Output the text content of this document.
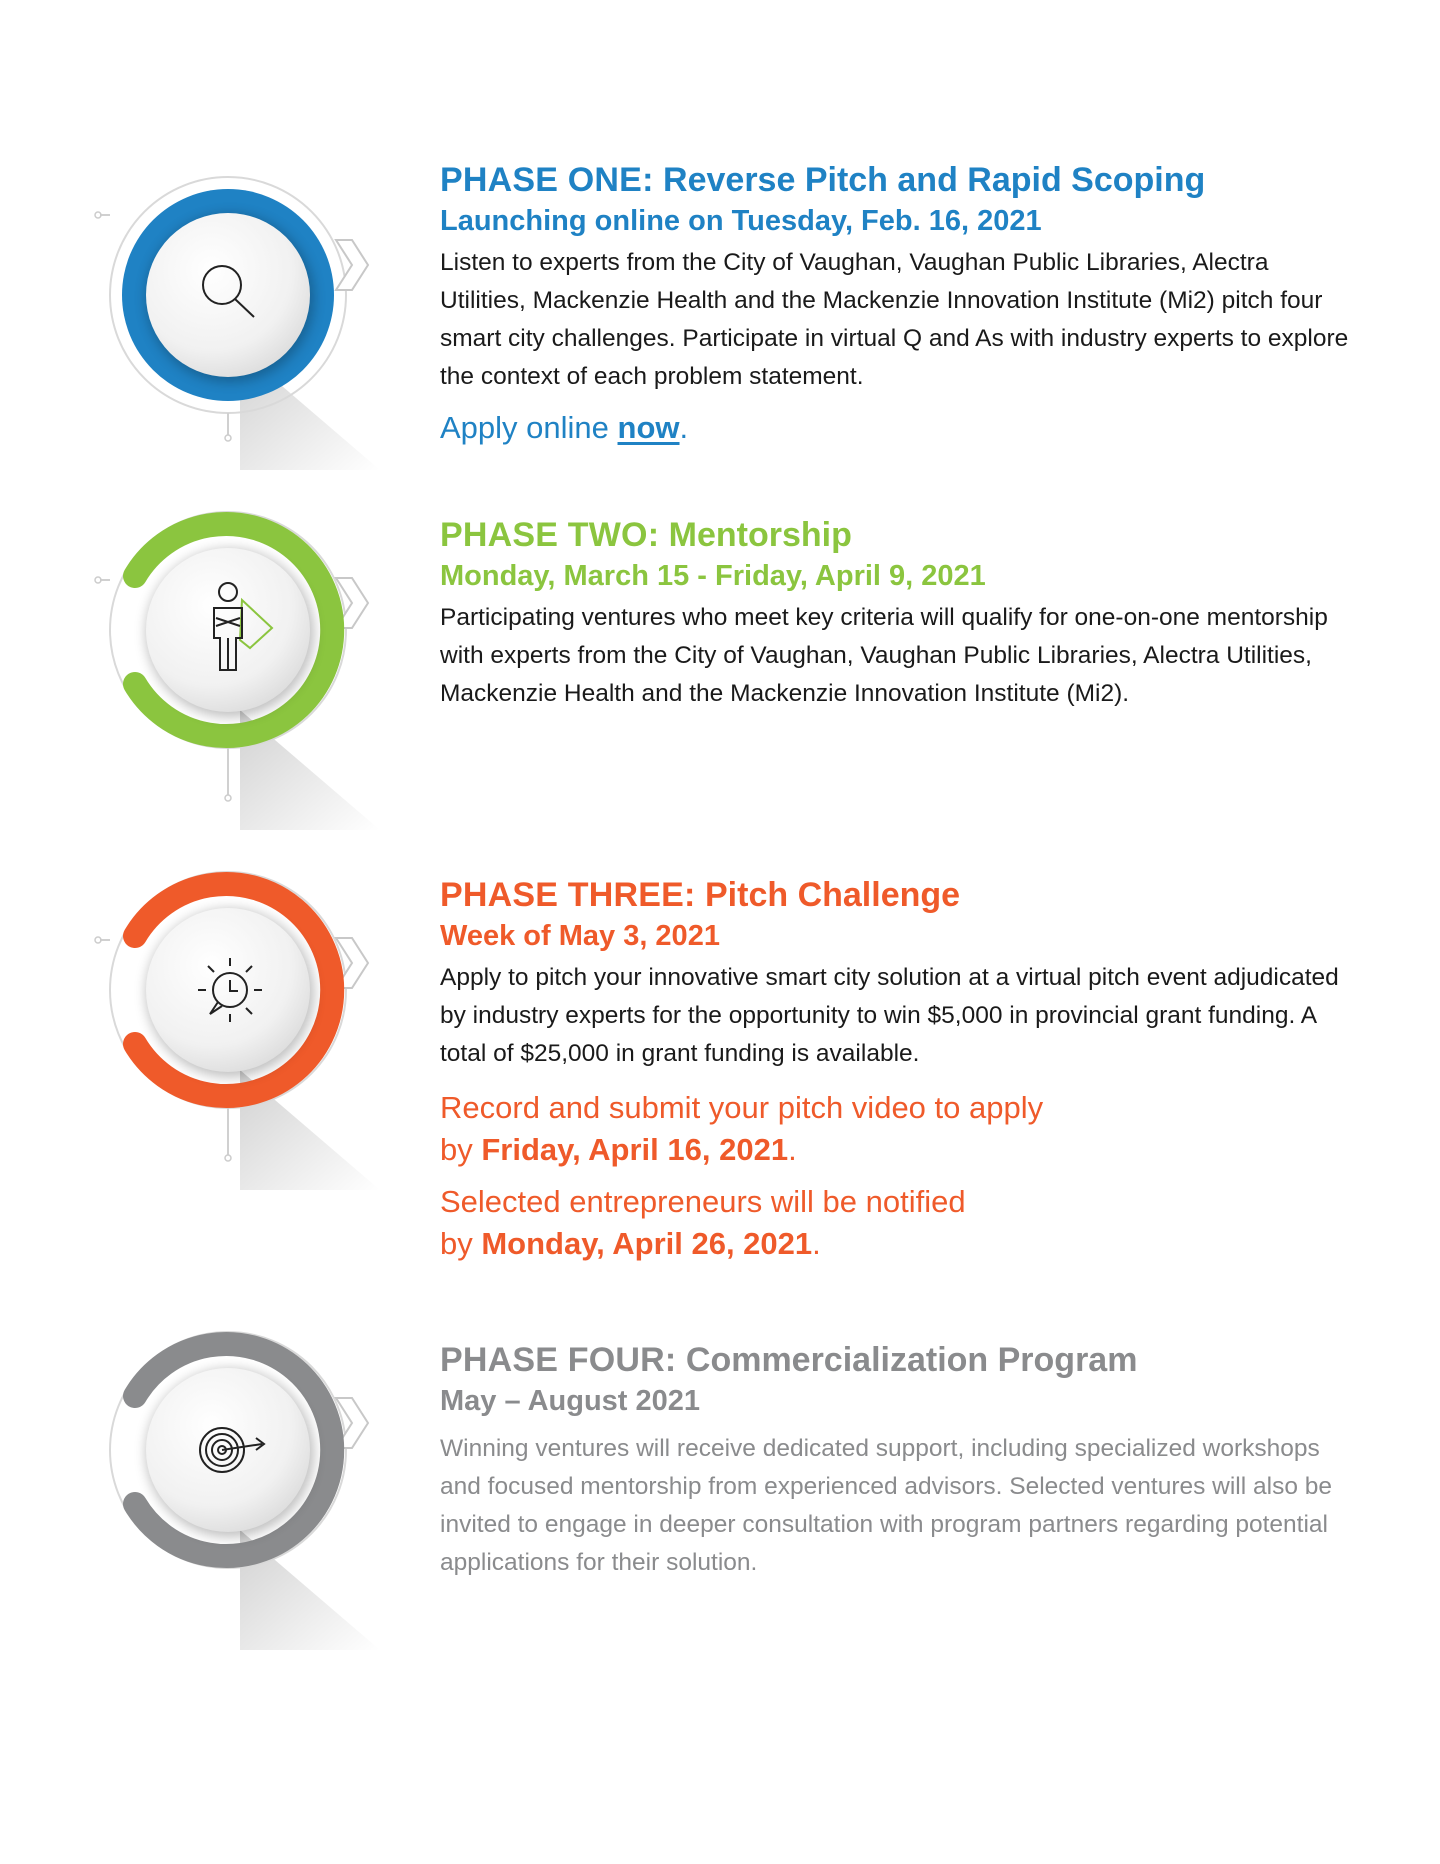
PHASE ONE: Reverse Pitch and Rapid Scoping
Launching online on Tuesday, Feb. 16, 2021

Listen to experts from the City of Vaughan, Vaughan Public Libraries, Alectra Utilities, Mackenzie Health and the Mackenzie Innovation Institute (Mi2) pitch four smart city challenges. Participate in virtual Q and As with industry experts to explore the context of each problem statement.

Apply online now.
PHASE TWO: Mentorship
Monday, March 15 - Friday, April 9, 2021

Participating ventures who meet key criteria will qualify for one-on-one mentorship with experts from the City of Vaughan, Vaughan Public Libraries, Alectra Utilities, Mackenzie Health and the Mackenzie Innovation Institute (Mi2).

PHASE THREE: Pitch Challenge
Week of May 3, 2021

Apply to pitch your innovative smart city solution at a virtual pitch event adjudicated by industry experts for the opportunity to win $5,000 in provincial grant funding. A total of $25,000 in grant funding is available.

Record and submit your pitch video to apply
by Friday, April 16, 2021.
Selected entrepreneurs will be notified
by Monday, April 26, 2021.
PHASE FOUR: Commercialization Program
May – August 2021

Winning ventures will receive dedicated support, including specialized workshops and focused mentorship from experienced advisors. Selected ventures will also be invited to engage in deeper consultation with program partners regarding potential applications for their solution.
